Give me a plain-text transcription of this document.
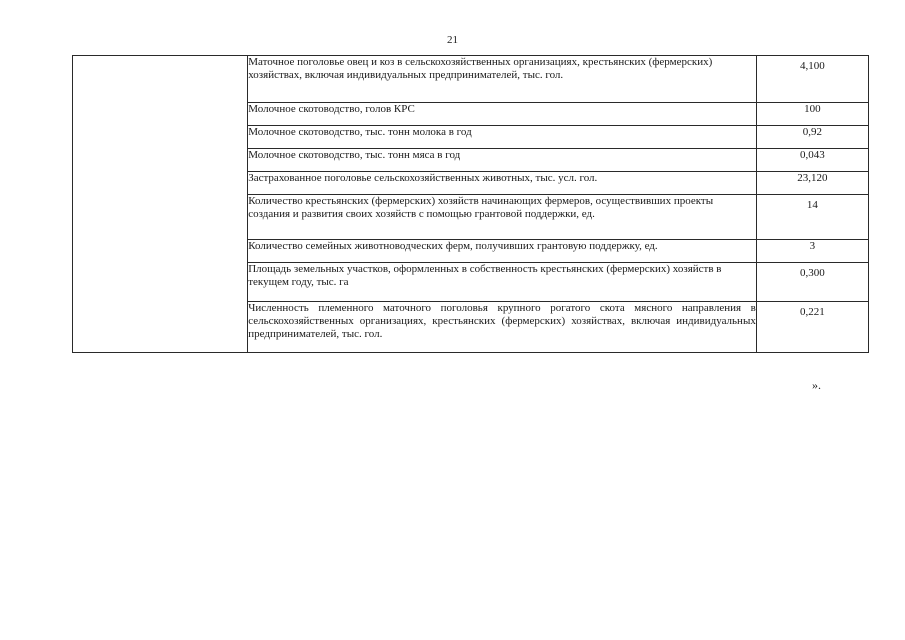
21
	Маточное поголовье овец и коз в сельскохозяйственных организациях, крестьянских (фермерских) хозяйствах, включая индивидуальных предпринимателей, тыс. гол.	4,100
	Молочное скотоводство, голов КРС	100
	Молочное скотоводство, тыс. тонн молока в год	0,92
	Молочное скотоводство, тыс. тонн мяса в год	0,043
	Застрахованное поголовье сельскохозяйственных животных, тыс. усл. гол.	23,120
	Количество крестьянских (фермерских) хозяйств начинающих фермеров, осуществивших проекты создания и развития своих хозяйств с помощью грантовой поддержки, ед.	14
	Количество семейных животноводческих ферм, получивших грантовую поддержку, ед.	3
	Площадь земельных участков, оформленных в собственность крестьянских (фермерских) хозяйств в текущем году, тыс. га	0,300
	Численность племенного маточного поголовья крупного рогатого скота мясного направления в сельскохозяйственных организациях, крестьянских (фермерских) хозяйствах, включая индивидуальных предпринимателей, тыс. гол.	0,221
».
